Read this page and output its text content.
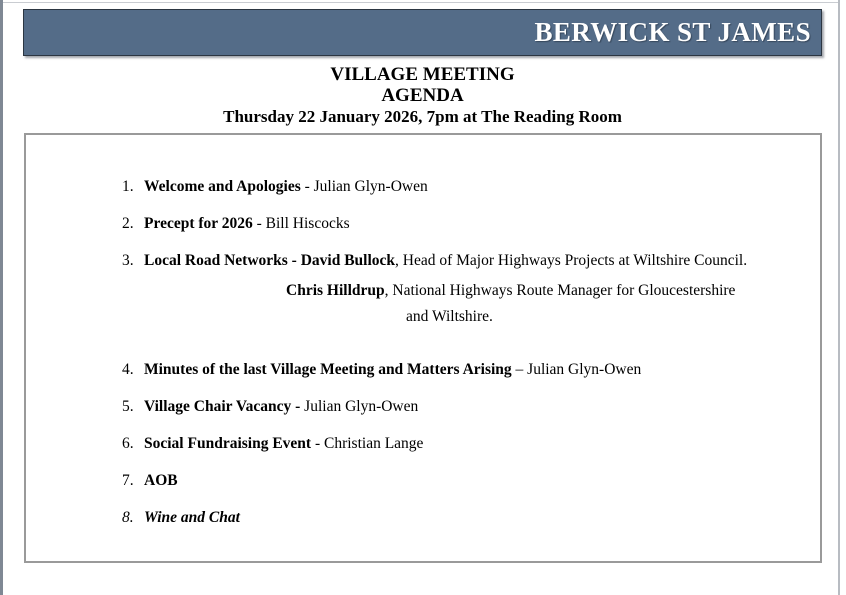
BERWICK ST JAMES
VILLAGE MEETING
AGENDA
Thursday 22 January 2026, 7pm at The Reading Room
1. Welcome and Apologies - Julian Glyn-Owen
2. Precept for 2026 - Bill Hiscocks
3. Local Road Networks - David Bullock, Head of Major Highways Projects at Wiltshire Council.
Chris Hilldrup, National Highways Route Manager for Gloucestershire
and Wiltshire.
4. Minutes of the last Village Meeting and Matters Arising – Julian Glyn-Owen
5. Village Chair Vacancy - Julian Glyn-Owen
6. Social Fundraising Event - Christian Lange
7. AOB
8. Wine and Chat
